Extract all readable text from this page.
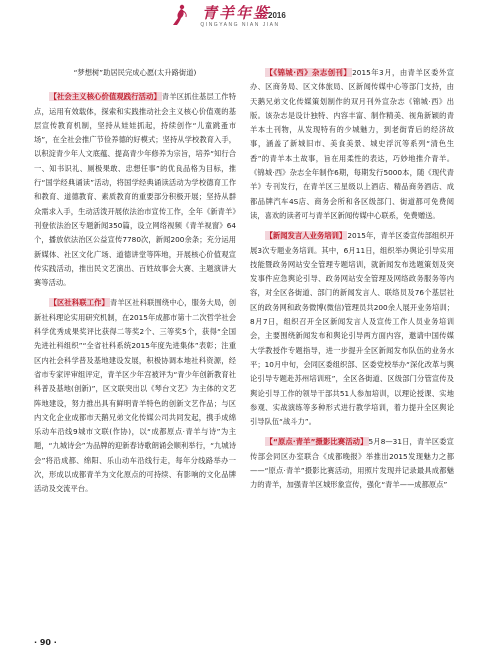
青羊年鉴
2016
QINGYANG NIAN JIAN

“梦想树”助居民完成心愿(太升路街道)

【社会主义核心价值观践行活动】青羊区抓住基层工作特点，运用有效载体，探索和实践推动社会主义核心价值观的基层宣传教育机制，坚持从娃娃抓起，持续创作“儿童跳蚤市场”，在全社会推广节俭养德的好模式；坚持从学校教育入手，以积淀青少年人文底蕴、提高青少年修养为宗旨，培养“知行合一、知书识礼、厕极果敢、忠想任事”的优良品格为目标，推行“国学经典诵读”活动，将国学经典诵读活动为学校德育工作和教育、道德教育、素质教育的重要部分积极开展；坚持从群众需求入手，生动活泼开展依法治市宣传工作，全年《新青羊》刊登依法治区专题新闻350篇，设立网络视频《青羊视窗》64个，播放依法治区公益宣传7780次，新闻200余条；充分运用新媒体、社区文化广场、道德讲堂等阵地，开展核心价值观宣传实践活动，推出民文艺演出、百姓故事会大赛、主题演讲大赛等活动。

【区社科联工作】青羊区社科联围绕中心，服务大局，创新社科理论实用研究机制，在2015年成都市第十二次哲学社会科学优秀成果奖评比获得二等奖2个、三等奖5个，获得“全国先进社科组织”“全省社科系统2015年度先进集体”表彰；注重区内社会科学普及基地建设发展，积极协调本地社科资源，经省市专家评审组评定，青羊区少年宫被评为“青少年创新教育社科普及基地(创新)”，区文联突出以《琴台文艺》为主体的文艺阵地建设，努力推出具有鲜明青羊特色的创新文艺作品；与区内文化企业成都市天鹅兄弟文化传媒公司共同发起，携手成绵乐动车沿线9城市文联(作协)，以“成都原点·青羊与诗”为主题，“九城诗会”为品牌的迎新春诗歌朗诵会顺利举行，“九城诗会”将沿成都、绵阳、乐山动车沿线行走，每年分线路举办一次，形成以成都青羊为文化原点的可持续、有影响的文化品牌活动及交流平台。

【《锦城·西》杂志创刊】2015年3月，由青羊区委外宣办、区商务局、区文体旅局、区新闻传媒中心等部门支持，由天鹅兄弟文化传媒策划制作的双月刊外宣杂志《锦城·西》出版。该杂志是设计独特、内容丰富、制作精美、视角新颖的青羊本土刊物，从发现特有的少城魅力，到老街背后的经济故事，涵盖了新城旧市、美食美景、城史浮沉等系列“清色生香”的青羊本土故事，旨在用柔性的表达，巧妙地推介青羊。《锦城·西》杂志全年制作6期，每期发行5000本，随《现代青羊》专刊发行，在青羊区三星级以上酒店、精品商务酒店、成都品牌汽车4S店、商务会所和各区级部门、街道都可免费阅读，喜欢的读者可与青羊区新闻传媒中心联系，免费赠送。

【新闻发言人业务培训】2015年，青羊区委宣传部组织开展3次专题业务培训。其中，6月11日，组织举办舆论引导实用技能暨政务网站安全管理专题培训，就新闻发布选题策划及突发事件应急舆论引导、政务网站安全管理及网络政务服务等内容，对全区各街道、部门的新闻发言人、联络员及76个基层社区的政务网和政务微博(微信)管理员共200余人展开业务培训；8月7日，组织召开全区新闻发言人及宣传工作人员业务培训会，主要围绕新闻发布和舆论引导两方面内容，邀请中国传媒大学教授作专题指导，进一步提升全区新闻发布队伍的业务水平；10月中旬，会同区委组织部、区委党校举办“深化改革与舆论引导专题赴苏州培训班”，全区各街道、区级部门分管宣传及舆论引导工作的领导干部共51人参加培训，以理论授课、实地参观、实战演练等多种形式进行教学培训，着力提升全区舆论引导队伍“战斗力”。

【“原点·青羊”摄影比赛活动】5月8—31日，青羊区委宣传部会同区办室联合《成都晚报》举推出2015发现魅力之都——“原点·青羊”摄影比赛活动，用照片发现并记录最具成都魅力的青羊，加强青羊区城形象宣传，强化“青羊——成都原点”

· 90 ·
